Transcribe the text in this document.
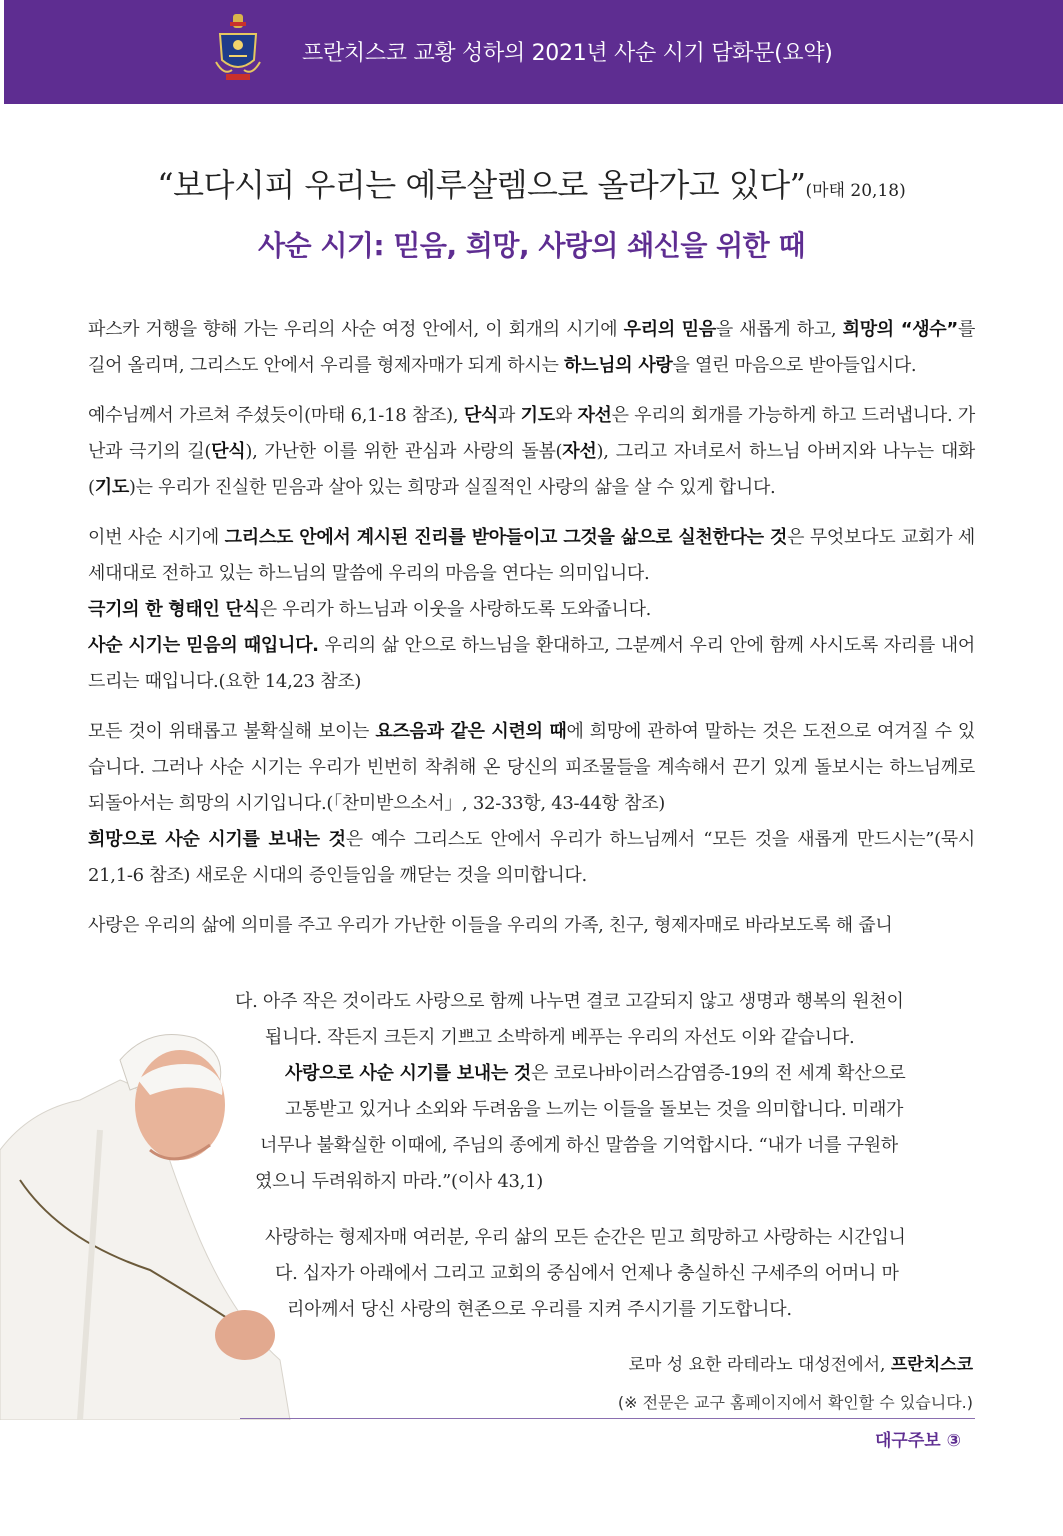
프란치스코 교황 성하의 2021년 사순 시기 담화문(요약)
“보다시피 우리는 예루살렘으로 올라가고 있다”(마태 20,18)
사순 시기: 믿음, 희망, 사랑의 쇄신을 위한 때

파스카 거행을 향해 가는 우리의 사순 여정 안에서, 이 회개의 시기에 우리의 믿음을 새롭게 하고, 희망의 “생수”를 길어 올리며, 그리스도 안에서 우리를 형제자매가 되게 하시는 하느님의 사랑을 열린 마음으로 받아들입시다.

예수님께서 가르쳐 주셨듯이(마태 6,1-18 참조), 단식과 기도와 자선은 우리의 회개를 가능하게 하고 드러냅니다. 가난과 극기의 길(단식), 가난한 이를 위한 관심과 사랑의 돌봄(자선), 그리고 자녀로서 하느님 아버지와 나누는 대화(기도)는 우리가 진실한 믿음과 살아 있는 희망과 실질적인 사랑의 삶을 살 수 있게 합니다.

이번 사순 시기에 그리스도 안에서 계시된 진리를 받아들이고 그것을 삶으로 실천한다는 것은 무엇보다도 교회가 세세대대로 전하고 있는 하느님의 말씀에 우리의 마음을 연다는 의미입니다.

극기의 한 형태인 단식은 우리가 하느님과 이웃을 사랑하도록 도와줍니다.

사순 시기는 믿음의 때입니다. 우리의 삶 안으로 하느님을 환대하고, 그분께서 우리 안에 함께 사시도록 자리를 내어드리는 때입니다.(요한 14,23 참조)

모든 것이 위태롭고 불확실해 보이는 요즈음과 같은 시련의 때에 희망에 관하여 말하는 것은 도전으로 여겨질 수 있습니다. 그러나 사순 시기는 우리가 빈번히 착취해 온 당신의 피조물들을 계속해서 끈기 있게 돌보시는 하느님께로 되돌아서는 희망의 시기입니다.(「찬미받으소서」, 32-33항, 43-44항 참조)

희망으로 사순 시기를 보내는 것은 예수 그리스도 안에서 우리가 하느님께서 “모든 것을 새롭게 만드시는”(묵시 21,1-6 참조) 새로운 시대의 증인들임을 깨닫는 것을 의미합니다.

사랑은 우리의 삶에 의미를 주고 우리가 가난한 이들을 우리의 가족, 친구, 형제자매로 바라보도록 해 줍니

다. 아주 작은 것이라도 사랑으로 함께 나누면 결코 고갈되지 않고 생명과 행복의 원천이

됩니다. 작든지 크든지 기쁘고 소박하게 베푸는 우리의 자선도 이와 같습니다.

사랑으로 사순 시기를 보내는 것은 코로나바이러스감염증-19의 전 세계 확산으로

고통받고 있거나 소외와 두려움을 느끼는 이들을 돌보는 것을 의미합니다. 미래가

너무나 불확실한 이때에, 주님의 종에게 하신 말씀을 기억합시다. “내가 너를 구원하

였으니 두려워하지 마라.”(이사 43,1)

사랑하는 형제자매 여러분, 우리 삶의 모든 순간은 믿고 희망하고 사랑하는 시간입니

다. 십자가 아래에서 그리고 교회의 중심에서 언제나 충실하신 구세주의 어머니 마

리아께서 당신 사랑의 현존으로 우리를 지켜 주시기를 기도합니다.

로마 성 요한 라테라노 대성전에서, 프란치스코
(※ 전문은 교구 홈페이지에서 확인할 수 있습니다.)
대구주보 ③
